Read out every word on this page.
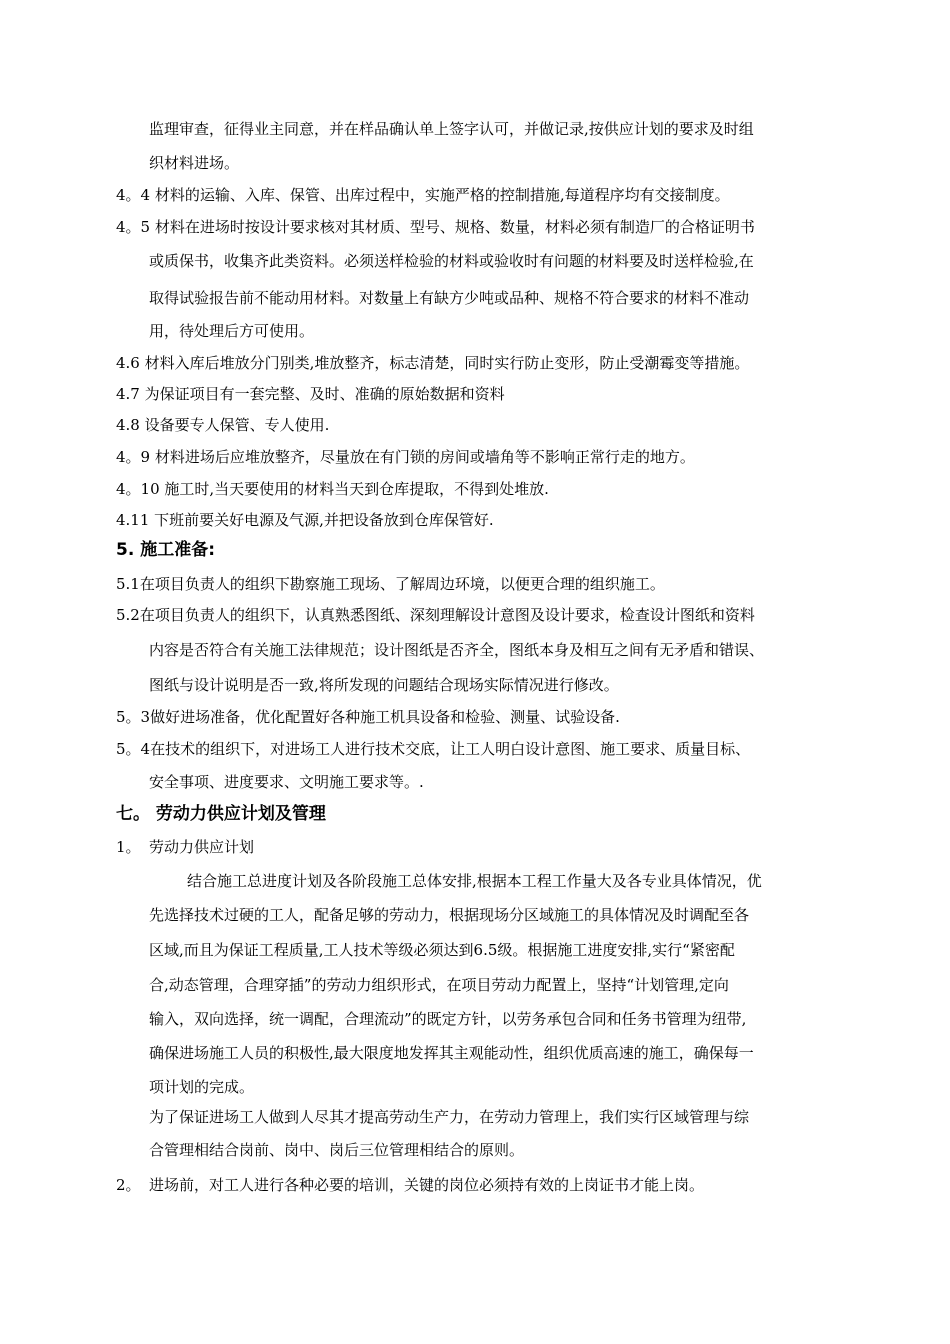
监理审查，征得业主同意，并在样品确认单上签字认可，并做记录,按供应计划的要求及时组
织材料进场。
4。4 材料的运输、入库、保管、出库过程中，实施严格的控制措施,每道程序均有交接制度。
4。5 材料在进场时按设计要求核对其材质、型号、规格、数量，材料必须有制造厂的合格证明书
或质保书，收集齐此类资料。必须送样检验的材料或验收时有问题的材料要及时送样检验,在
取得试验报告前不能动用材料。对数量上有缺方少吨或品种、规格不符合要求的材料不准动
用，待处理后方可使用。
4.6 材料入库后堆放分门别类,堆放整齐，标志清楚，同时实行防止变形，防止受潮霉变等措施。
4.7 为保证项目有一套完整、及时、准确的原始数据和资料
4.8 设备要专人保管、专人使用.
4。9 材料进场后应堆放整齐，尽量放在有门锁的房间或墙角等不影响正常行走的地方。
4。10 施工时,当天要使用的材料当天到仓库提取，不得到处堆放.
4.11 下班前要关好电源及气源,并把设备放到仓库保管好.
5. 施工准备:
5.1在项目负责人的组织下勘察施工现场、了解周边环境，以便更合理的组织施工。
5.2在项目负责人的组织下，认真熟悉图纸、深刻理解设计意图及设计要求，检查设计图纸和资料
内容是否符合有关施工法律规范；设计图纸是否齐全，图纸本身及相互之间有无矛盾和错误、
图纸与设计说明是否一致,将所发现的问题结合现场实际情况进行修改。
5。3做好进场准备，优化配置好各种施工机具设备和检验、测量、试验设备.
5。4在技术的组织下，对进场工人进行技术交底，让工人明白设计意图、施工要求、质量目标、
安全事项、进度要求、文明施工要求等。.
七。 劳动力供应计划及管理
1。 劳动力供应计划
结合施工总进度计划及各阶段施工总体安排,根据本工程工作量大及各专业具体情况，优
先选择技术过硬的工人，配备足够的劳动力，根据现场分区域施工的具体情况及时调配至各
区域,而且为保证工程质量,工人技术等级必须达到6.5级。根据施工进度安排,实行“紧密配
合,动态管理，合理穿插”的劳动力组织形式，在项目劳动力配置上，坚持“计划管理,定向
输入，双向选择，统一调配，合理流动”的既定方针，以劳务承包合同和任务书管理为纽带,
确保进场施工人员的积极性,最大限度地发挥其主观能动性，组织优质高速的施工，确保每一
项计划的完成。
为了保证进场工人做到人尽其才提高劳动生产力，在劳动力管理上，我们实行区域管理与综
合管理相结合岗前、岗中、岗后三位管理相结合的原则。
2。 进场前，对工人进行各种必要的培训，关键的岗位必须持有效的上岗证书才能上岗。
